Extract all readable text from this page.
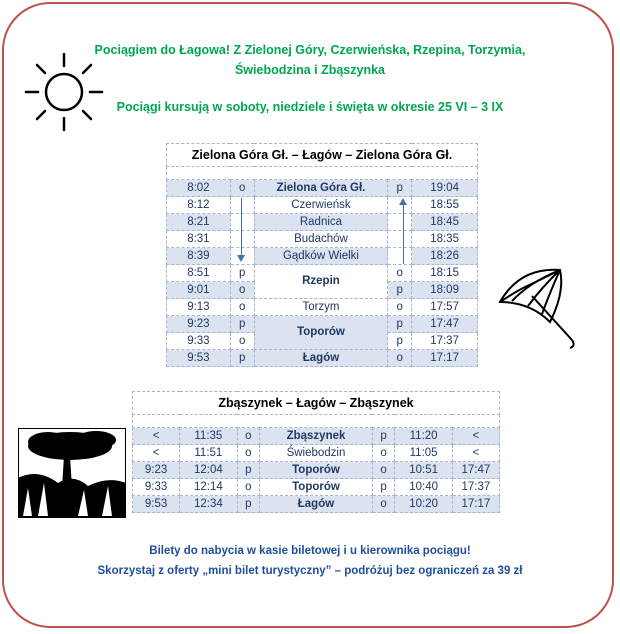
Pociągiem do Łagowa! Z Zielonej Góry, Czerwieńska, Rzepina, Torzymia,
Świebodzina i Zbąszynka
Pociągi kursują w soboty, niedziele i święta w okresie 25 VI – 3 IX
Zielona Góra Gł. – Łagów – Zielona Góra Gł.				

8:02	o	Zielona Góra Gł.	p	19:04
8:12		Czerwieńsk		18:55
8:21		Radnica		18:45
8:31		Budachów		18:35
8:39		Gądków Wielki		18:26
8:51	p	Rzepin	o	18:15
9:01	o		p	18:09
9:13	o	Torzym	o	17:57
9:23	p	Toporów	p	17:47
9:33	o		p	17:37
9:53	p	Łagów	o	17:17
Zbąszynek – Łagów – Zbąszynek						

<	11:35	o	Zbąszynek	p	11:20	<
<	11:51	o	Świebodzin	o	11:05	<
9:23	12:04	p	Toporów	o	10:51	17:47
9:33	12:14	o	Toporów	p	10:40	17:37
9:53	12:34	p	Łagów	o	10:20	17:17
Bilety do nabycia w kasie biletowej i u kierownika pociągu!
Skorzystaj z oferty „mini bilet turystyczny” – podróżuj bez ograniczeń za 39 zł
